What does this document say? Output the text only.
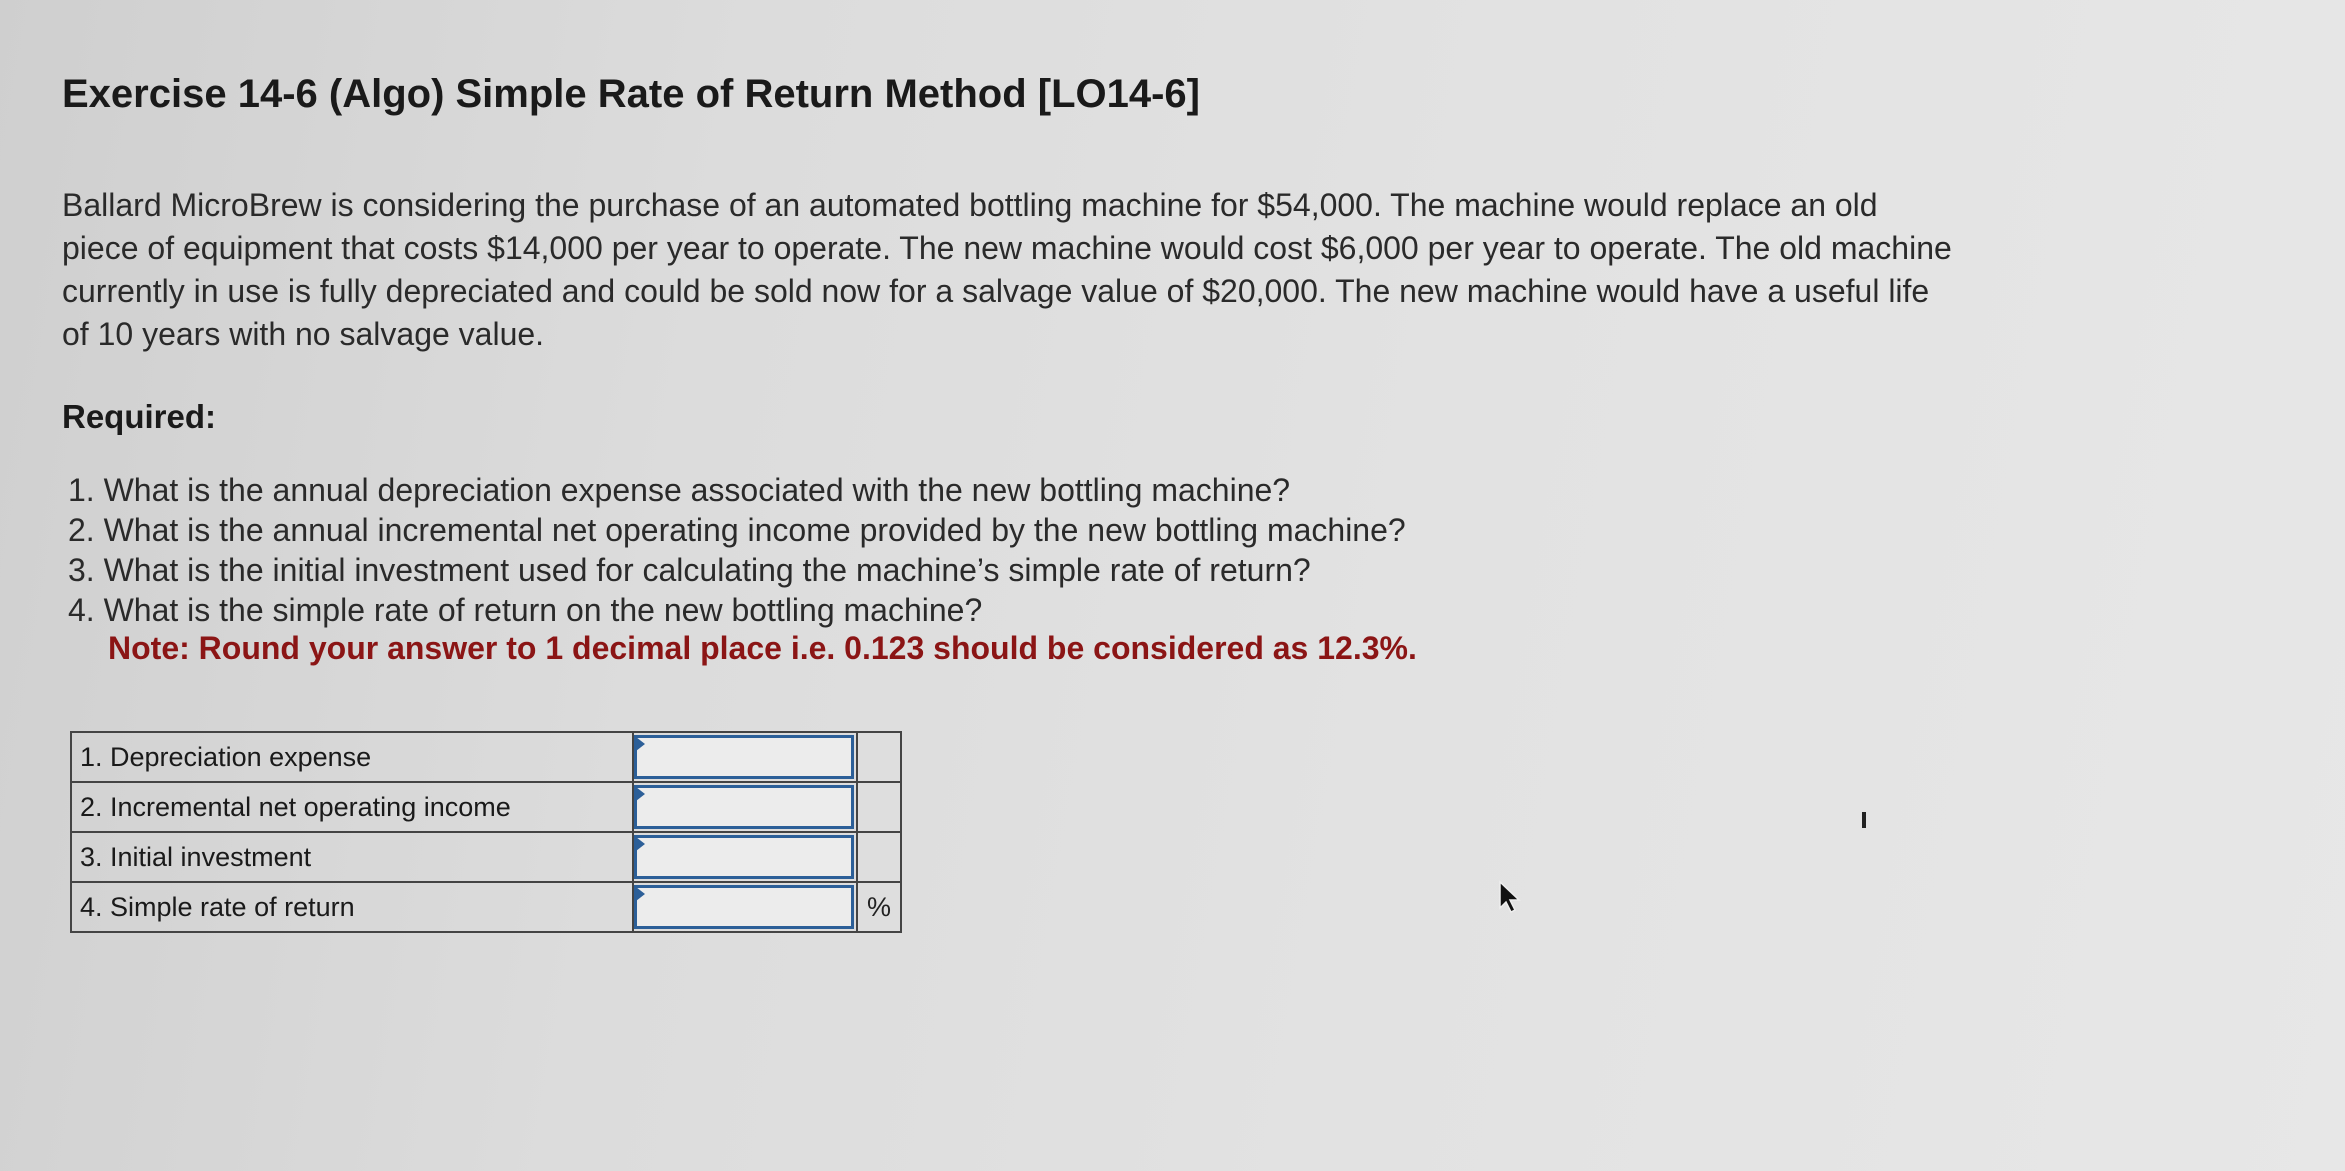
Exercise 14-6 (Algo) Simple Rate of Return Method [LO14-6]

Ballard MicroBrew is considering the purchase of an automated bottling machine for $54,000. The machine would replace an old

piece of equipment that costs $14,000 per year to operate. The new machine would cost $6,000 per year to operate. The old machine

currently in use is fully depreciated and could be sold now for a salvage value of $20,000. The new machine would have a useful life

of 10 years with no salvage value.

Required:
1. What is the annual depreciation expense associated with the new bottling machine?
2. What is the annual incremental net operating income provided by the new bottling machine?
3. What is the initial investment used for calculating the machine’s simple rate of return?
4. What is the simple rate of return on the new bottling machine?
Note: Round your answer to 1 decimal place i.e. 0.123 should be considered as 12.3%.
1. Depreciation expense	

2. Incremental net operating income	

3. Initial investment	

4. Simple rate of return		%
